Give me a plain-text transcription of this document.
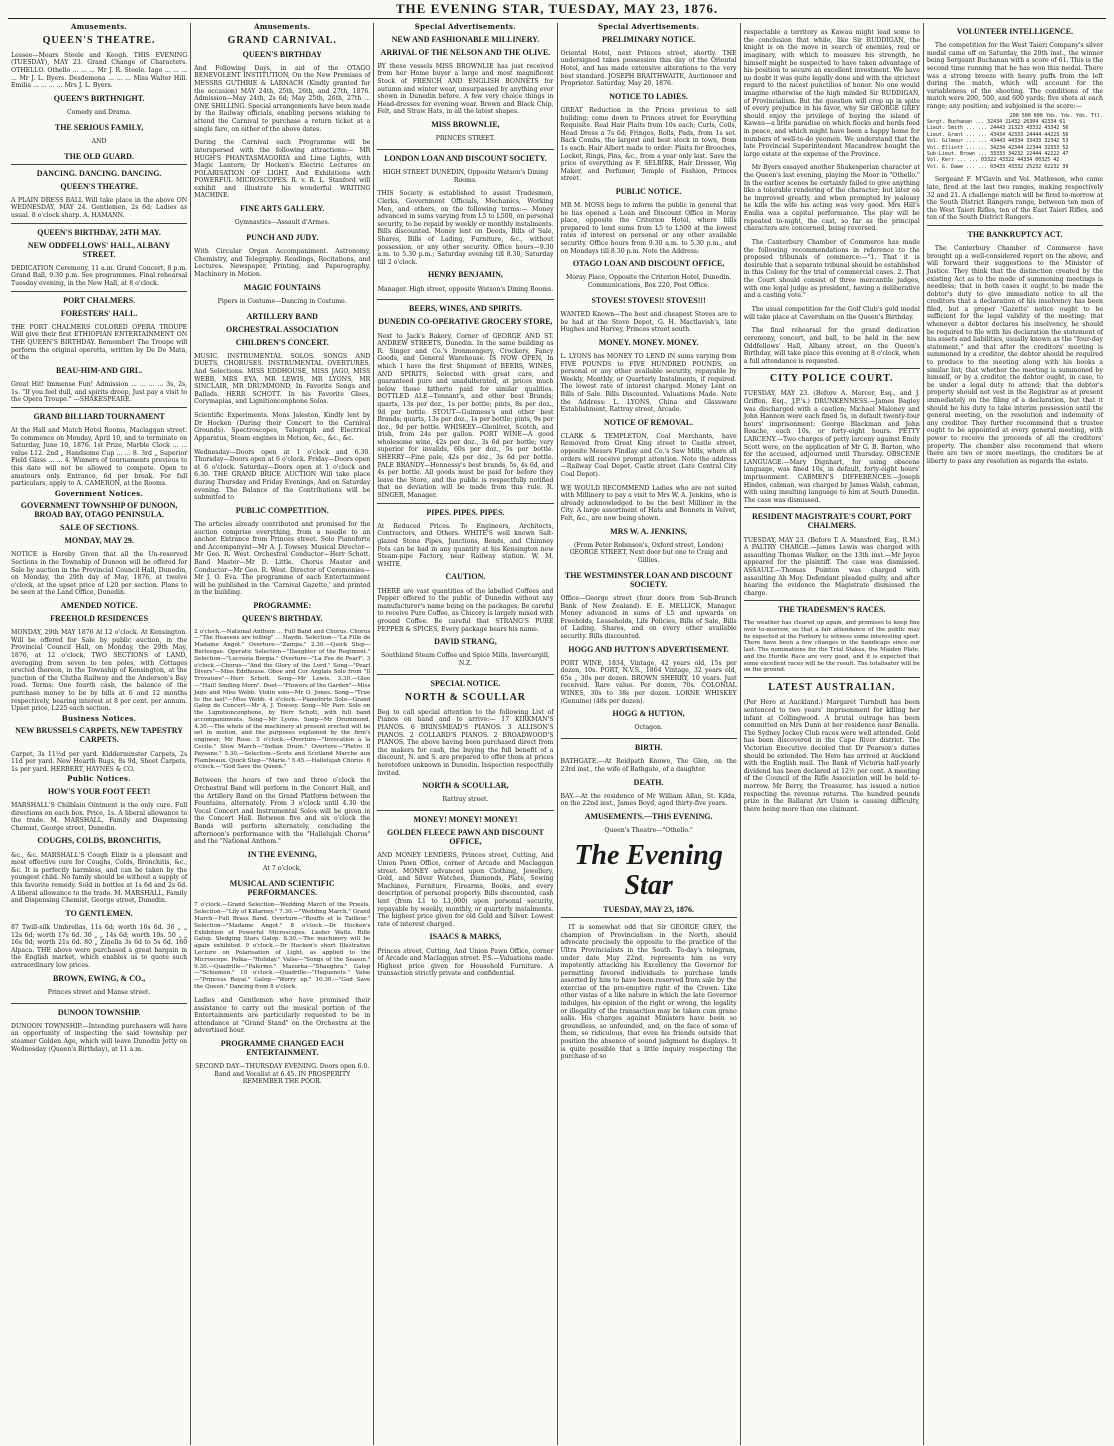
THE EVENING STAR, TUESDAY, MAY 23, 1876.
Amusements.
QUEEN'S THEATRE.

Lessee—Mears Steele and Keogh. THIS EVENING (TUESDAY), MAY 23. Grand Change of Characters. OTHELLO. Othello ... ... ... Mr J. R. Steele. Iago ... ... ... ... Mr J. L. Byers. Desdemona ... ... ... Miss Walter Hill. Emilia ... ... ... ... Mrs J. L. Byers.

QUEEN'S BIRTHNIGHT.

Comedy and Drama.

THE SERIOUS FAMILY,

AND

THE OLD GUARD.
DANCING. DANCING. DANCING.
QUEEN'S THEATRE.

A PLAIN DRESS BALL Will take place in the above ON WEDNESDAY, MAY 24. Gentlemen, 2s 6d; Ladies as usual. 8 o'clock sharp. A. HAMANN.

QUEEN'S BIRTHDAY, 24TH MAY.
NEW ODDFELLOWS' HALL, ALBANY STREET.

DEDICATION Ceremony, 11 a.m. Grand Concert, 8 p.m. Grand Ball, 9.30 p.m. See programmes. Final rehearsal Tuesday evening, in the New Hall, at 8 o'clock.

PORT CHALMERS.
FORESTERS' HALL.

THE PORT CHALMERS COLORED OPERA TROUPE Will give their first ETHIOPIAN ENTERTAINMENT ON THE QUEEN'S BIRTHDAY. Remember! The Troupe will perform the original operetta, written by De De Mata, of the

BEAU-HIM-AND GIRL.

Great Hit! Immense Fun! Admission ... ... ... ... 3s, 2s, 1s. "If you feel dull, and spirits droop, Just pay a visit to the Opera Troupe." —SHAKESPEARE.

GRAND BILLIARD TOURNAMENT

At the Hall and Match Hotel Rooms, Maclaggan street. To commence on Monday, April 10, and to terminate on Saturday, June 10, 1876. 1st Prize, Marble Clock ... ... value L12. 2nd „ Handsome Cup ... ... 8. 3rd „ Superior Field Glass ... ... 4. Winners of tournaments previous to this date will not be allowed to compete. Open to amateurs only. Entrance, 6d per break. For full particulars, apply to A. CAMERON, at the Rooms.

Government Notices.
GOVERNMENT TOWNSHIP OF DUNOON, BROAD BAY, OTAGO PENINSULA.
SALE OF SECTIONS.
MONDAY, MAY 29.

NOTICE is Hereby Given that all the Un-reserved Sections in the Township of Dunoon will be offered for Sale by auction in the Provincial Council Hall, Dunedin, on Monday, the 29th day of May, 1876, at twelve o'clock, at the upset price of L20 per section. Plans to be seen at the Land Office, Dunedin.

AMENDED NOTICE.
FREEHOLD RESIDENCES

MONDAY, 29th MAY 1876 At 12 o'clock. At Kensington. Will be offered for Sale by public auction, in the Provincial Council Hall, on Monday, the 29th May, 1876, at 12 o'clock, TWO SECTIONS of LAND, averaging from seven to ten poles, with Cottages erected thereon, in the Township of Kensington, at the junction of the Clutha Railway and the Anderson's Bay road. Terms: One fourth cash, the balance of the purchase money to be by bills at 6 and 12 months respectively, bearing interest at 8 per cent. per annum. Upset price, L225 each section.

Business Notices.
NEW BRUSSELS CARPETS, NEW TAPESTRY CARPETS.

Carpet, 3s 11½d per yard. Kidderminster Carpets, 2s 11d per yard. New Hearth Rugs, 8s 9d, Sheet Carpets, 1s per yard. HERBERT, HAYNES & CO.

Public Notices.
HOW'S YOUR FOOT FEET!

MARSHALL'S Chilblain Ointment is the only cure. Full directions on each box. Price, 1s. A liberal allowance to the trade. M. MARSHALL, Family and Dispensing Chemist, George street, Dunedin.

COUGHS, COLDS, BRONCHITIS,

&c., &c. MARSHALL'S Cough Elixir is a pleasant and most effective cure for Coughs, Colds, Bronchitis, &c., &c. It is perfectly harmless, and can be taken by the youngest child. No family should be without a supply of this favorite remedy. Sold in bottles at 1s 6d and 2s 6d. A liberal allowance to the trade. M. MARSHALL, Family and Dispensing Chemist, George street, Dunedin.

TO GENTLEMEN.

87 Twill-silk Umbrellas, 11s 6d; worth 16s 6d. 36 „ „ 12s 6d; worth 17s 6d. 30 „ „ 14s 6d; worth 19s. 50 „ „ 16s 0d; worth 21s 6d. 80 „ Zinella 3s 6d to 5s 6d. 160 Alpaca. THE above were purchased a great bargain in the English market, which enables us to quote such extraordinary low prices.

BROWN, EWING, & CO.,

Princes street and Manse street.

DUNOON TOWNSHIP.

DUNOON TOWNSHIP.—Intending purchasers will have an opportunity of inspecting the said township per steamer Golden Age, which will leave Dunedin Jetty on Wednesday (Queen's Birthday), at 11 a.m.

Amusements.
GRAND CARNIVAL.
QUEEN'S BIRTHDAY

And Following Days, in aid of the OTAGO BENEVOLENT INSTITUTION, On the New Premises of MESSRS GUTHRIE & LARNACH (Kindly granted for the occasion) MAY 24th, 25th, 26th, and 27th, 1876. Admission—May 24th, 2s 6d; May 25th, 26th, 27th ... ONE SHILLING. Special arrangements have been made by the Railway officials, enabling persons wishing to attend the Carnival to purchase a return ticket at a single fare, on either of the above dates.

During the Carnival each Programme will be interspersed with the following attractions:— MR HUGH'S PHANTASMAGORIA and Lime Lights, with Magic Lantern; Dr Hocken's Electric Lectures on POLARISATION OF LIGHT, And Exhibitions with POWERFUL MICROSCOPES. R. v. R. L. Stanford will exhibit and illustrate his wonderful WRITING MACHINE.

FINE ARTS GALLERY.

Gymnastics—Assault d'Armes.

PUNCH AND JUDY.

With Circular Organ Accompaniment. Astronomy, Chemistry, and Telegraphy. Readings, Recitations, and Lectures. Newspaper, Printing, and Paperography. Machinery in Motion.

MAGIC FOUNTAINS

Pipers in Costume—Dancing in Costume.

ARTILLERY BAND
ORCHESTRAL ASSOCIATION
CHILDREN'S CONCERT.

MUSIC. INSTRUMENTAL SOLOS. SONGS AND DUETS, CHORUSES. INSTRUMENTAL OVERTURES, And Selections. MISS EDDHOUSE, MISS JAGO, MISS WEBB, MRS EYA, MR LEWIS, MR LYONS, MR SINCLAIR, MR DRUMMOND, In Favorite Songs and Ballads. HERR SCHOTT. In his Favorite Glees, Corymapias, and Lignitionconphone Solos.

Scientific Experiments. Mons Jaleston, Kindly lent by Dr Hocken (During their Concert to the Carnival Grounds). Spectroscopes, Telegraph and Electrical Apparatus, Steam engines in Motion, &c., &c., &c.

Wednesday—Doors open at 1 o'clock and 6.30. Thursday—Doors open at 6 o'clock. Friday—Doors open at 6 o'clock. Saturday—Doors open at 1 o'clock and 6.30. THE GRAND BRICE AUCTION Will take place during Thursday and Friday Evenings, And on Saturday evening. The Balance of the Contributions will be submitted to

PUBLIC COMPETITION.

The articles already contributed and promised for the auction comprise everything, from a needle to an anchor. Entrance from Princes street. Solo Pianoforte and Accompanyist—Mr A. J. Towsey. Musical Director—Mr Geo. R. West. Orchestral Conductor—Herr Schott. Band Master—Mr D. Little. Chorus Master and Conductor—Mr Geo. R. West. Director of Ceremonies—Mr J. O. Eva. The programme of each Entertainment will be published in the 'Carnival Gazette,' and printed in the building.

PROGRAMME:
QUEEN'S BIRTHDAY.

2 o'clock.—National Anthem ... Full Band and Chorus. Chorus—"The Heavens are telling" ... Haydn. Selection—"La Fille de Madame Angot." Overture—"Zampa." 2.30.—Quick Step—Burlesque. Operatic Selection—"Daughter of the Regiment." Selection—"Lucrezia Borgia." Overture—"La Fee de Pearl". 3 o'clock.—Chorus—"And the Glory of the Lord." Song—"Pearl Divers"—Miss Eddhouse. Oboe and Cor Anglais Solo from "Il Trovatore"—Herr Schott. Song—Mr Lewis. 3.30.—Glee—"Hail! Smiling Morn". Duet—"Flowers of the Garden"—Miss Jago and Miss Webb. Violin solo—Mr O. Jones. Song—"True to the last"—Miss Webb. 4 o'clock.—Pianoforte Solo—Grand Galop de Concert—Mr A. J. Towsey. Song—Mr Parr. Solo on the Lignitionconphone, by Herr Schott, with full band accompaniments. Song—Mr Lyons. Song—Mr Drummond. 4.30.—The whole of the machinery at present erected will be set in motion, and the purposes explained by the firm's engineer, Mr Rose. 5 o'clock.—Overture—"Invocation à la Cecile." Slow March—"Indian Drum." Overture—"Pietro Il Paysane." 5.30.—Selection—Scots and Scotland Marche aux Flambeaux. Quick Step—"Marie." 5.45.—Hallelujah Chorus. 6 o'clock.—"God Save the Queen."

Between the hours of two and three o'clock the Orchestral Band will perform in the Concert Hall, and the Artillery Band on the Grand Platform between the Fountains, alternately. From 3 o'clock until 4.30 the Vocal Concert and Instrumental Solos will be given in the Concert Hall. Between five and six o'clock the Bands will perform alternately, concluding the afternoon's performance with the "Hallelujah Chorus" and the "National Anthem."

IN THE EVENING,

At 7 o'clock,

MUSICAL AND SCIENTIFIC PERFORMANCES.

7 o'clock.—Grand Selection—Wedding March of the Priests. Selection—"Lily of Killarney." 7.30.—"Wedding March." Grand March—Full Brass Band. Overture—"Bouffe et le Tailleur." Selection—"Madame Angot." 8 o'clock.—Dr Hocken's Exhibition of Powerful Microscopes. Lieder Waltz. Rifle Galop. Sledging Stars Galop. 8.30.—The machinery will be again exhibited. 9 o'clock.—Dr Hocken's short Illustrative Lecture on Polarisation of Light, as applied to the Microscope. Polka—"Holiday." Valse—"Songs of the Season." 9.30.—Quadrille—"Palermo." Mazurka—"Shaughra." Galop—"Schiemen." 10 o'clock.—Quadrille—"Huguenots." Valse—"Princess Royal." Galop—"Worry up." 10.30.—"God Save the Queen." Dancing from 8 o'clock.

Ladies and Gentlemen who have promised their assistance to carry out the musical portion of the Entertainments are particularly requested to be in attendance at "Grand Stand" on the Orchestra at the advertised hour.

PROGRAMME CHANGED EACH ENTERTAINMENT.

SECOND DAY—THURSDAY EVENING. Doors open 6.0. Band and Vocalist at 6.45. IN PROSPERITY REMEMBER THE POOR.

Special Advertisements.
NEW AND FASHIONABLE MILLINERY.
ARRIVAL OF THE NELSON AND THE OLIVE.

BY these vessels MISS BROWNLIE has just received from her Home buyer a large and most magnificent Stock of FRENCH AND ENGLISH BONNETS for autumn and winter wear, unsurpassed by anything ever shown in Dunedin before. A few very choice things in Head-dresses for evening wear. Brown and Black Chip, Felt, and Straw Hats, in all the latest shapes.

MISS BROWNLIE,

PRINCES STREET.

LONDON LOAN AND DISCOUNT SOCIETY.

HIGH STREET DUNEDIN, Opposite Watson's Dining Rooms.

THIS Society is established to assist Tradesmen, Clerks, Government Officials, Mechanics, Working Men, and others, on the following terms:— Money advanced in sums varying from L5 to L500, on personal security, to be repaid by weekly or monthly instalments. Bills discounted. Money lent on Deeds, Bills of Sale, Shares, Bills of Lading, Furniture, &c., without possession, or any other security. Office hours—9.30 a.m. to 5.30 p.m.; Saturday evening till 8.30, Saturday till 2 o'clock.

HENRY BENJAMIN,

Manager. High street, opposite Watson's Dining Rooms.

BEERS, WINES, AND SPIRITS.
DUNEDIN CO-OPERATIVE GROCERY STORE,

Next to Jack's Bakery, Corner of GEORGE AND ST. ANDREW STREETS, Dunedin. In the same building as R. Singer and Co.'s Ironmongery, Crockery, Fancy Goods, and General Warehouse. IS NOW OPEN, In which I have the first Shipment of BEERS, WINES, AND SPIRITS, Selected with great care, and guaranteed pure and unadulterated, at prices much below those hitherto paid for similar qualities. BOTTLED ALE—Tennant's, and other best Brands; quarts, 13s per doz., 1s per bottle; pints, 8s per doz., 9d per bottle. STOUT—Guinness's and other best Brands; quarts, 13s per doz., 1s per bottle; pints, 9s per doz., 9d per bottle. WHISKEY—Glenlivet, Scotch, and Irish, from 24s per gallon. PORT WINE—A good wholesome wine, 42s per doz., 3s 6d per bottle; very superior for invalids, 60s per doz., 5s per bottle. SHERRY—Fine pale, 42s per doz., 3s 6d per bottle. PALE BRANDY—Hennessy's best brands, 5s, 4s 6d, and 4s per bottle. All goods must be paid for before they leave the Store, and the public is respectfully notified that no deviation will be made from this rule. R. SINGER, Manager.

PIPES. PIPES. PIPES.

At Reduced Prices. To Engineers, Architects, Contractors, and Others. WHITE'S well known Salt-glazed Stone Pipes, Junctions, Bends, and Chimney Pots can be had in any quantity at his Kensington new Steam-pipe Factory, near Railway station. W. M. WHITE.

CAUTION.

THERE are vast quantities of the labelled Coffees and Pepper offered to the public of Dunedin without any manufacturer's name being on the packages. Be careful to receive Pure Coffee, as Chicory is largely mixed with ground Coffee. Be careful that STRANG'S PURE PEPPER & SPICES, Every package bears his name.

DAVID STRANG,

Southland Steam Coffee and Spice Mills, Invercargill, N.Z.

SPECIAL NOTICE.
NORTH & SCOULLAR

Beg to call special attention to the following List of Pianos on hand and to arrive:— 17 KIRKMAN'S PIANOS. 6 BRINSMEAD'S PIANOS. 3 ALLISON'S PIANOS. 2 COLLARD'S PIANOS. 2 BROADWOOD'S PIANOS. The above having been purchased direct from the makers for cash, the buying the full benefit of a discount, N. and S. are prepared to offer them at prices heretofore unknown in Dunedin. Inspection respectfully invited.

NORTH & SCOULLAR,

Rattray street.

MONEY! MONEY! MONEY!
GOLDEN FLEECE PAWN AND DISCOUNT OFFICE,

AND MONEY LENDERS, Princes street, Cutting, And Union Pawn Office, corner of Arcade and Maclaggan street. MONEY advanced upon Clothing, Jewellery, Gold, and Silver Watches, Diamonds, Plate, Sewing Machines, Furniture, Firearms, Books, and every description of personal property. Bills discounted, cash lent (from L1 to L1,000) upon personal security, repayable by weekly, monthly, or quarterly instalments. The highest price given for old Gold and Silver. Lowest rate of interest charged.

ISAACS & MARKS,

Princes street, Cutting, And Union Pawn Office, corner of Arcade and Maclaggan street. P.S.—Valuations made. Highest price given for Household Furniture. A transaction strictly private and confidential.

Special Advertisements.
PRELIMINARY NOTICE.

Oriental Hotel, next Princes street, shortly. THE undersigned takes possession this day of the Oriental Hotel, and has made extensive alterations to the very best standard. JOSEPH BRAITHWAITE, Auctioneer and Proprietor. Saturday, May 20, 1876.

NOTICE TO LADIES.

GREAT Reduction in the Prices previous to sell building: come down to Princes street for Everything Requisite. Real Hair Plaits from 10s each; Curls, Coils, Head Dress a 7s 6d; Fringes, Rolls, Pads, from 1s set. Back Combs, the largest and best stock in town, from 1s each. Hair Albert made to order: Plaits for Brooches, Locket, Rings, Pins, &c., from a year only last. Save the price of everything as F. SELBIRK, Hair Dresser, Wig Maker, and Perfumer, Temple of Fashion, Princes street.

PUBLIC NOTICE.

MR M. MOSS begs to inform the public in general that he has opened a Loan and Discount Office in Moray place, opposite the Criterion Hotel, where bills prepared to lend sums from L5 to L500 at the lowest rates of interest on personal or any other available security. Office hours from 9.30 a.m. to 5.30 p.m., and on Mondays till 8.30 p.m. Note the Address:

OTAGO LOAN AND DISCOUNT OFFICE,

Moray Place, Opposite the Criterion Hotel, Dunedin. Communications, Box 220, Post Office.

STOVES! STOVES!! STOVES!!!

WANTED Known—The best and cheapest Stoves are to be had at the Stove Depot, G. H. Mactlavish's, late Hughes and Harvey, Princes street south.

MONEY. MONEY. MONEY.

L. LYONS has MONEY TO LEND IN sums varying from FIVE POUNDS to FIVE HUNDRED POUNDS, on personal or any other available security, repayable by Weekly, Monthly, or Quarterly Instalments, if required. The lowest rate of interest charged. Money Lent on Bills of Sale. Bills Discounted. Valuations Made. Note the Address: L. LYONS, China and Glassware Establishment, Rattray street, Arcade.

NOTICE OF REMOVAL.

CLARK & TEMPLETON, Coal Merchants, have Removed from Great King street to Castle street, opposite Messrs Findlay and Co.'s Saw Mills, where all orders will receive prompt attention. Note the address—Railway Coal Depot, Castle street (Late Central City Coal Depot).

WE WOULD RECOMMEND Ladies who are not suited with Millinery to pay a visit to Mrs W. A. Jenkins, who is already acknowledged to be the best Milliner in the City. A large assortment of Hats and Bonnets in Velvet, Felt, &c., are now being shown.

MRS W. A. JENKINS,

(From Peter Robinson's, Oxford street, London) GEORGE STREET, Next door but one to Craig and Gillies.

THE WESTMINSTER LOAN AND DISCOUNT SOCIETY.

Office—George street (four doors from Sub-Branch Bank of New Zealand). E. E. MELLICK, Manager. Money advanced in sums of L5 and upwards on Freeholds, Leaseholds, Life Policies, Bills of Sale, Bills of Lading, Shares, and on every other available security. Bills discounted.

HOGG AND HUTTON'S ADVERTISEMENT.

PORT WINE, 1834, Vintage, 42 years old, 15s per dozen, 10s. PORT, N.V.S., 1864 Vintage, 32 years old, 65s „ 30s per dozen. BROWN SHERRY, 10 years. Just received. Rare value. Per dozen, 70s. COLONIAL WINES, 30s to 38s per dozen. LORNE WHISKEY (Genuine) (48s per dozen).

HOGG & HUTTON,

Octagon.

BIRTH.

BATHGATE.—At Reidpath Knowe, The Glen, on the 23rd inst., the wife of Bathgate, of a daughter.

DEATH.

BAY.—At the residence of Mr William Allan, St. Kilda, on the 22nd inst., James Boyd, aged thirty-five years.

AMUSEMENTS.—THIS EVENING.

Queen's Theatre—"Othello."

The Evening Star
TUESDAY, MAY 23, 1876.

IT is somewhat odd that Sir GEORGE GREY, the champion of Provincialism in the North, should advocate precisely the opposite to the practice of the Ultra Provincialists in the South. To-day's telegram, under date May 22nd, represents him as very impotently attacking his Excellency the Governor for permitting favored individuals to purchase lands asserted by him to have been reserved from sale by the exercise of the pre-emptive right of the Crown. Like other vistas of a like nature in which the late Governor indulges, his opinion of the right or wrong, the legality or illegality of the transaction may be taken cum grano salis. His charges against Ministers have been so groundless, so unfounded, and, on the face of some of them, so ridiculous, that even his friends outside that position the absence of sound judgment he displays. It is quite possible that a little inquiry respecting the purchase of so

respectable a territory as Kawau might lead some to the conclusion that while, like Sir RUDDIGAN, the knight is on the move in search of enemies, real or imaginary, with which to measure his strength, he himself might be suspected to have taken advantage of his position to secure an excellent investment. We have no doubt it was quite legally done and with the strictest regard to the nicest punctilios of honor. No one would imagine otherwise of the high minded Sir RUDDIGAN, of Provincialism. But the question will crop up in spite of every prejudice in his favor, why Sir GEORGE GREY should enjoy the privilege of buying the island of Kawau—a little paradise on which flocks and herds feed in peace, and which might have been a happy home for numbers of well-to-do yeomen. We understand that the late Provincial Superintendent Macandrew bought the large estate at the expense of the Province.

Mr Byers essayed another Shakesperian character at the Queen's last evening, playing the Moor in "Othello." In the earlier scenes he certainly failed to give anything like a tolerable rendering of the character; but later on he improved greatly, and when prompted by jealousy he kills the wife his acting was very good. Mrs Hill's Emilia was a capital performance. The play will be repeated to-night, the cast, so far as the principal characters are concerned, being reversed.

The Canterbury Chamber of Commerce has made the following recommendations in reference to the proposed tribunals of commerce:—"1. That it is desirable that a separate tribunal should be established in this Colony for the trial of commercial cases. 2. That the Court should consist of three mercantile judges, with one legal judge as president, having a deliberative and a casting vote."

The usual competition for the Golf Club's gold medal will take place at Caversham on the Queen's Birthday.

The final rehearsal for the grand dedication ceremony, concert, and ball, to be held in the new Oddfellows' Hall, Albany street, on the Queen's Birthday, will take place this evening at 8 o'clock, when a full attendance is requested.

CITY POLICE COURT.

TUESDAY, MAY 23. (Before A. Mercer, Esq., and J. Griffen, Esq., J.P.'s.) DRUNKENNESS.—James Bagley was discharged with a caution; Michael Maloney and John Hannon were each fined 5s, in default twenty-four hours' imprisonment; George Blackman and John Roache, each 10s, or forty-eight hours. PETTY LARCENY.—Two charges of petty larceny against Emily Scott were, on the application of Mr G. B. Barton, who for the accused, adjourned until Thursday. OBSCENE LANGUAGE.—Mary Dignhart, for using obscene language, was fined 10s, in default, forty-eight hours' imprisonment. CABMEN'S DIFFERENCES.—Joseph Hindes, cabman, was charged by James Walsh, cabman, with using insulting language to him at South Dunedin. The case was dismissed.

RESIDENT MAGISTRATE'S COURT, PORT CHALMERS.

TUESDAY, MAY 23. (Before T. A. Mansford, Esq., R.M.) A PALTRY CHARGE.—James Lewis was charged with assaulting Thomas Walker, on the 13th inst.—Mr Joyce appeared for the plaintiff. The case was dismissed. ASSAULT.—Thomas Pointon was charged with assaulting Ah Moy. Defendant pleaded guilty, and after hearing the evidence the Magistrate dismissed the charge.

THE TRADESMEN'S RACES.

The weather has cleared up again, and promises to keep fine over to-morrow, so that a fair attendance of the public may be expected at the Forbury to witness some interesting sport. There have been a few changes in the handicaps since our last. The nominations for the Trial Stakes, the Maiden Plate, and the Hurdle Race are very good, and it is expected that some excellent races will be the result. The totalisator will be on the ground.

LATEST AUSTRALIAN.

(Per Hero at Auckland.) Margaret Turnbull has been sentenced to two years' imprisonment for killing her infant at Collingwood. A brutal outrage has been committed on Mrs Dunn at her residence near Benalla. The Sydney Jockey Club races were well attended. Gold has been discovered in the Cape River district. The Victorian Executive decided that Dr Pearson's duties should be extended. The Hero has arrived at Auckland with the English mail. The Bank of Victoria half-yearly dividend has been declared at 12½ per cent. A meeting of the Council of the Rifle Association will be held to-morrow. Mr Berry, the Treasurer, has issued a notice respecting the revenue returns. The hundred pounds prize in the Ballarat Art Union is causing difficulty, there being more than one claimant.

VOLUNTEER INTELLIGENCE.

The competition for the West Taieri Company's silver medal came off on Saturday, the 20th inst., the winner being Sergeant Buchanan with a score of 61. This is the second time running that he has won this medal. There was a strong breeze with heavy puffs from the left during the match, which will account for the variableness of the shooting. The conditions of the match were 200, 500, and 600 yards; five shots at each range; any position; and subjoined is the score:—

200 500 600 Yds. Yds. Yds. Ttl.
Sergt. Buchanan ... 32434 21432 26304 42334 61
Lieut. Smith ... ... 24443 21323 43332 43342 56
Lieut. Grant ... ... 43434 42333 24444 44223 56
Vol. Gilmour ... ... 43443 44334 33433 32342 53
Vol. Elliott ... ... 34234 42344 22344 32333 52
Sub-Lieut. Brown ... 33333 34232 22444 42222 47
Vol. Kerr ... ... 03322 43322 44334 00325 42
Vol. G. Dawe ... ... 03433 43332 25232 02232 39

Sergeant F. M'Gavin and Vol. Matheson, who came late, fired at the last two ranges, making respectively 32 and 21. A challenge match will be fired to-morrow at the South District Rangers range, between ten men of the West Taieri Rifles, ten of the East Taieri Rifles, and ten of the South District Rangers.

THE BANKRUPTCY ACT.

The Canterbury Chamber of Commerce have brought up a well-considered report on the above, and will forward their suggestions to the Minister of Justice. They think that the distinction created by the existing Act as to the mode of summoning meetings is needless; that in both cases it ought to be made the debtor's duty to give immediate notice to all the creditors that a declaration of his insolvency has been filed, but a proper 'Gazette' notice ought to be sufficient for the legal validity of the meeting; that whenever a debtor declares his insolvency, he should be required to file with his declaration the statement of his assets and liabilities, usually known as the "four-day statement," and that after the creditors' meeting is summoned by a creditor, the debtor should be required to produce to the meeting along with his books a similar list; that whether the meeting is summoned by himself, or by a creditor, the debtor ought, in case, to be under a legal duty to attend; that the debtor's property should not vest in the Registrar as at present immediately on the filing of a declaration, but that it should be his duty to take interim possession until the general meeting, on the resolution and indemnity of any creditor. They further recommend that a trustee ought to be appointed at every general meeting, with power to receive the proceeds of all the creditors' property. The chamber also recommend that where there are two or more meetings, the creditors be at liberty to pass any resolution as regards the estate.
